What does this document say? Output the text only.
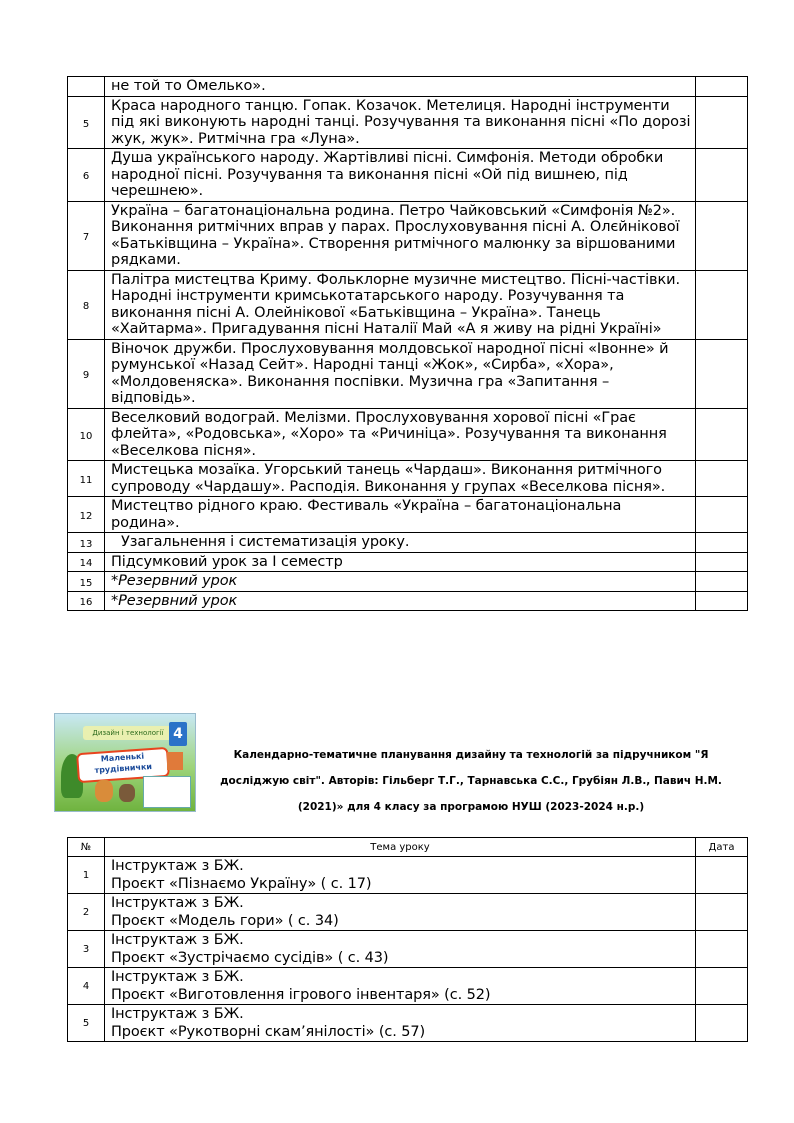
	не той то Омелько».	
5	Краса народного танцю. Гопак. Козачок. Метелиця. Народні інструменти під які виконують народні танці. Розучування та виконання пісні «По дорозі жук, жук». Ритмічна гра «Луна».	
6	Душа українського народу. Жартівливі пісні. Симфонія. Методи обробки народної пісні. Розучування та виконання пісні «Ой під вишнею, під черешнею».	
7	Україна – багатонаціональна родина. Петро Чайковський «Симфонія №2». Виконання ритмічних вправ у парах. Прослуховування пісні А. Олєйнікової «Батьківщина – Україна». Створення ритмічного малюнку за віршованими рядками.	
8	Палітра мистецтва Криму. Фольклорне музичне мистецтво. Пісні-частівки. Народні інструменти кримськотатарського народу. Розучування та виконання пісні А. Олейнікової «Батьківщина – Україна». Танець «Хайтарма». Пригадування пісні Наталії Май «А я живу на рідні Україні»	
9	Віночок дружби. Прослуховування молдовської народної пісні «Івонне» й румунської «Назад Сейт». Народні танці «Жок», «Сирба», «Хора», «Молдовеняска». Виконання поспівки. Музична гра «Запитання – відповідь».	
10	Веселковий водограй. Мелізми. Прослуховування хорової пісні «Грає флейта», «Родовська», «Хоро» та «Ричиніца». Розучування та виконання «Веселкова пісня».	
11	Мистецька мозаїка. Угорський танець «Чардаш». Виконання ритмічного супроводу «Чардашу». Расподія. Виконання у групах «Веселкова пісня».	
12	Мистецтво рідного краю. Фестиваль «Україна – багатонаціональна родина».	
13	Узагальнення і систематизація уроку.	
14	Підсумковий урок за І семестр	
15	*Резервний урок	
16	*Резервний урок	
Дизайн і технології 4
Маленькі трудівнички
Календарно-тематичне планування дизайну та технологій за підручником "Я
досліджую світ". Авторів: Гільберг Т.Г., Тарнавська С.С., Грубіян Л.В., Павич Н.М.
(2021)» для 4 класу за програмою НУШ (2023-2024 н.р.)
№	Тема уроку	Дата
1	Інструктаж з БЖ.
Проєкт «Пізнаємо Україну» ( с. 17)	

2	Інструктаж з БЖ.
Проєкт «Модель гори» ( с. 34)	

3	Інструктаж з БЖ.
Проєкт «Зустрічаємо сусідів» ( с. 43)	

4	Інструктаж з БЖ.
Проєкт «Виготовлення ігрового інвентаря» (с. 52)	

5	Інструктаж з БЖ.
Проєкт «Рукотворні скам’янілості» (с. 57)	
